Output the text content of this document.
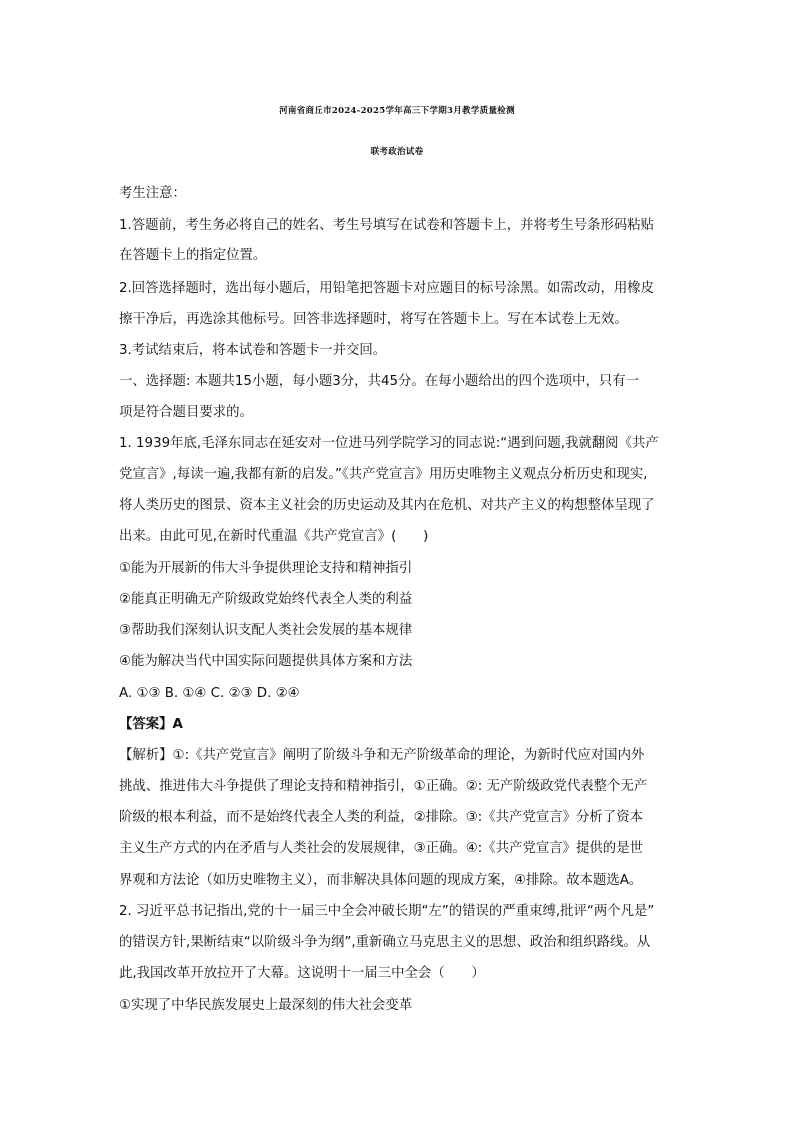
河南省商丘市2024-2025学年高三下学期3月教学质量检测
联考政治试卷
考生注意：
1.答题前，考生务必将自己的姓名、考生号填写在试卷和答题卡上，并将考生号条形码粘贴
在答题卡上的指定位置。
2.回答选择题时，选出每小题后，用铅笔把答题卡对应题目的标号涂黑。如需改动，用橡皮
擦干净后，再选涂其他标号。回答非选择题时，将写在答题卡上。写在本试卷上无效。
3.考试结束后，将本试卷和答题卡一并交回。
一、选择题: 本题共15小题，每小题3分，共45分。在每小题给出的四个选项中，只有一
项是符合题目要求的。
1. 1939年底,毛泽东同志在延安对一位进马列学院学习的同志说:“遇到问题,我就翻阅《共产
党宣言》,每读一遍,我都有新的启发。”《共产党宣言》用历史唯物主义观点分析历史和现实,
将人类历史的图景、资本主义社会的历史运动及其内在危机、对共产主义的构想整体呈现了
出来。由此可见,在新时代重温《共产党宣言》(　　)
①能为开展新的伟大斗争提供理论支持和精神指引
②能真正明确无产阶级政党始终代表全人类的利益
③帮助我们深刻认识支配人类社会发展的基本规律
④能为解决当代中国实际问题提供具体方案和方法
A. ①③ B. ①④ C. ②③ D. ②④
【答案】A
【解析】①:《共产党宣言》阐明了阶级斗争和无产阶级革命的理论，为新时代应对国内外
挑战、推进伟大斗争提供了理论支持和精神指引，①正确。②: 无产阶级政党代表整个无产
阶级的根本利益，而不是始终代表全人类的利益，②排除。③:《共产党宣言》分析了资本
主义生产方式的内在矛盾与人类社会的发展规律，③正确。④:《共产党宣言》提供的是世
界观和方法论（如历史唯物主义），而非解决具体问题的现成方案，④排除。故本题选A。
2. 习近平总书记指出,党的十一届三中全会冲破长期“左”的错误的严重束缚,批评“两个凡是”
的错误方针,果断结束“以阶级斗争为纲”,重新确立马克思主义的思想、政治和组织路线。从
此,我国改革开放拉开了大幕。这说明十一届三中全会（　　）
①实现了中华民族发展史上最深刻的伟大社会变革
